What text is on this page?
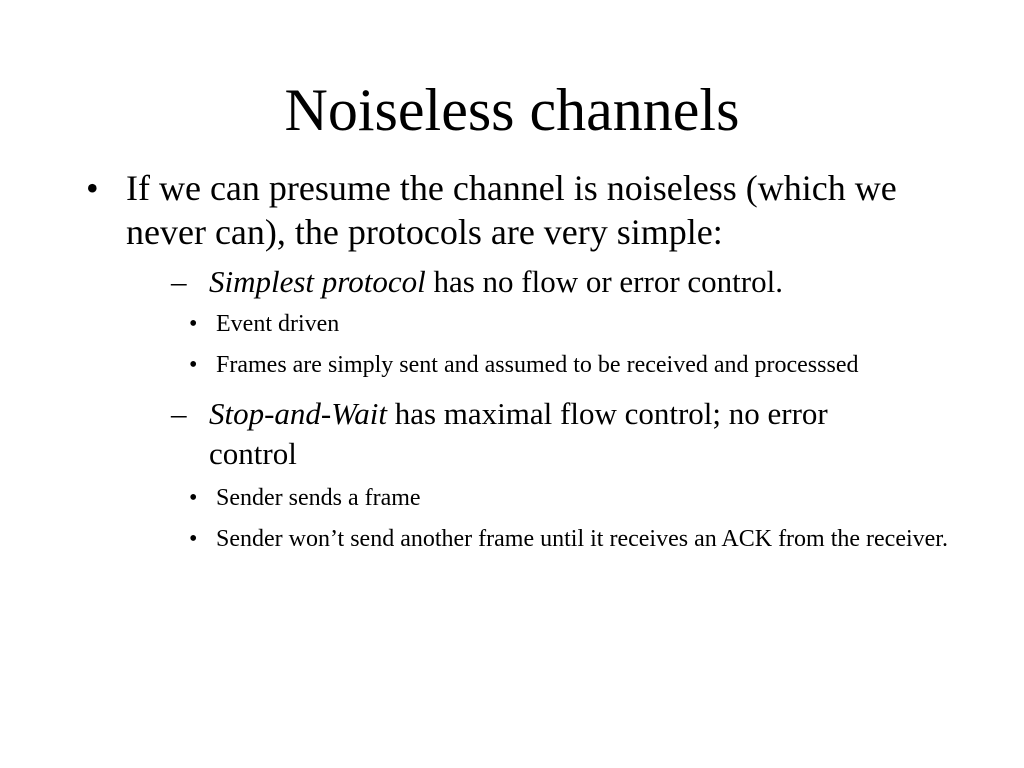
Noiseless channels
• If we can presume the channel is noiseless (which we never can), the protocols are very simple:
– Simplest protocol has no flow or error control.
• Event driven
• Frames are simply sent and assumed to be received and processsed
– Stop-and-Wait has maximal flow control; no error control
• Sender sends a frame
• Sender won’t send another frame until it receives an ACK from the receiver.
